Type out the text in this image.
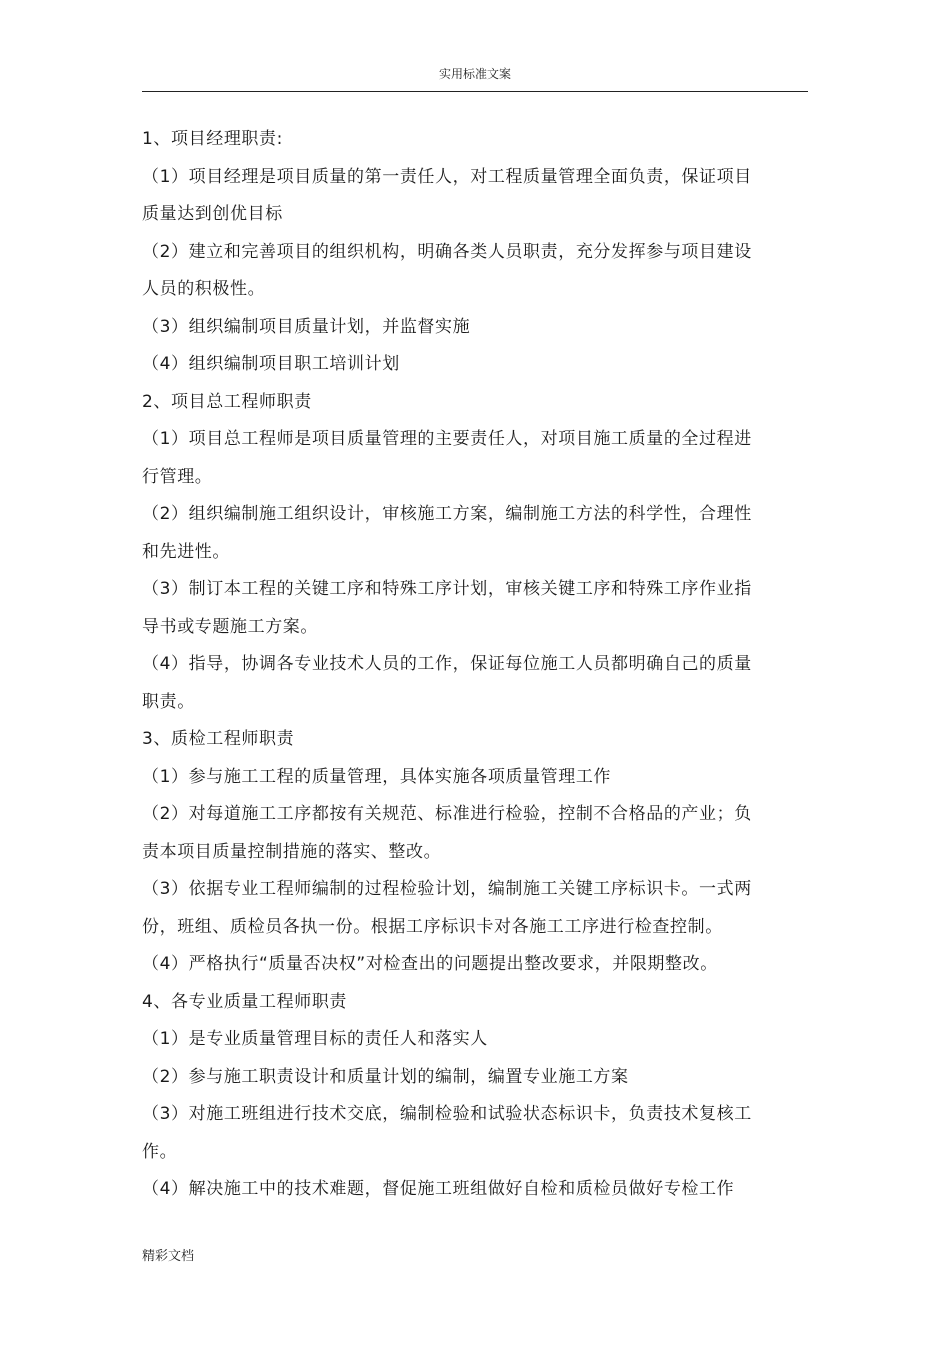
实用标准文案
1、项目经理职责:
（1）项目经理是项目质量的第一责任人，对工程质量管理全面负责，保证项目
质量达到创优目标
（2）建立和完善项目的组织机构，明确各类人员职责，充分发挥参与项目建设
人员的积极性。
（3）组织编制项目质量计划，并监督实施
（4）组织编制项目职工培训计划
2、项目总工程师职责
（1）项目总工程师是项目质量管理的主要责任人，对项目施工质量的全过程进
行管理。
（2）组织编制施工组织设计，审核施工方案，编制施工方法的科学性，合理性
和先进性。
（3）制订本工程的关键工序和特殊工序计划，审核关键工序和特殊工序作业指
导书或专题施工方案。
（4）指导，协调各专业技术人员的工作，保证每位施工人员都明确自己的质量
职责。
3、质检工程师职责
（1）参与施工工程的质量管理，具体实施各项质量管理工作
（2）对每道施工工序都按有关规范、标准进行检验，控制不合格品的产业；负
责本项目质量控制措施的落实、整改。
（3）依据专业工程师编制的过程检验计划，编制施工关键工序标识卡。一式两
份，班组、质检员各执一份。根据工序标识卡对各施工工序进行检查控制。
（4）严格执行“质量否决权”对检查出的问题提出整改要求，并限期整改。
4、各专业质量工程师职责
（1）是专业质量管理目标的责任人和落实人
（2）参与施工职责设计和质量计划的编制，编置专业施工方案
（3）对施工班组进行技术交底，编制检验和试验状态标识卡，负责技术复核工
作。
（4）解决施工中的技术难题，督促施工班组做好自检和质检员做好专检工作
精彩文档
